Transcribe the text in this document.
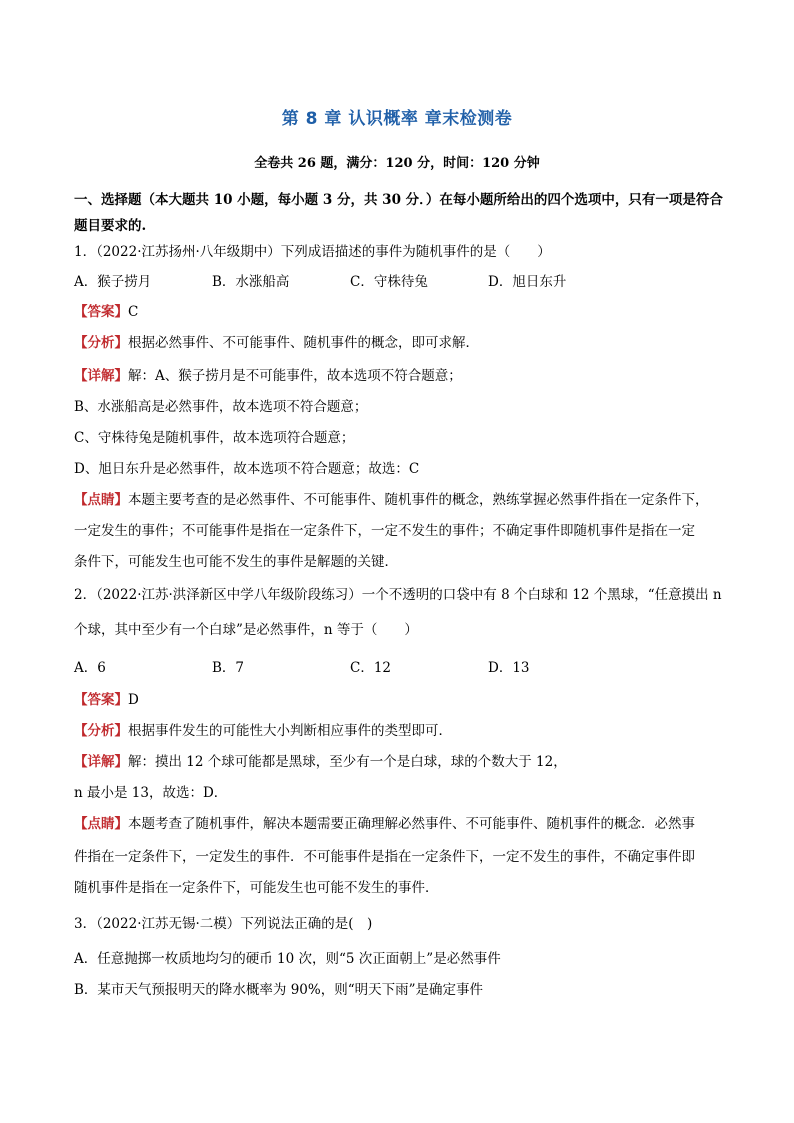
第 8 章 认识概率 章末检测卷
全卷共 26 题，满分：120 分，时间：120 分钟
一、选择题（本大题共 10 小题，每小题 3 分，共 30 分．）在每小题所给出的四个选项中，只有一项是符合
题目要求的.
1．（2022·江苏扬州·八年级期中）下列成语描述的事件为随机事件的是（　　）
A．猴子捞月	B．水涨船高	C．守株待兔	D．旭日东升
【答案】C
【分析】根据必然事件、不可能事件、随机事件的概念，即可求解．
【详解】解：A、猴子捞月是不可能事件，故本选项不符合题意；
B、水涨船高是必然事件，故本选项不符合题意；
C、守株待兔是随机事件，故本选项符合题意；
D、旭日东升是必然事件，故本选项不符合题意；故选：C
【点睛】本题主要考查的是必然事件、不可能事件、随机事件的概念，熟练掌握必然事件指在一定条件下，
一定发生的事件；不可能事件是指在一定条件下，一定不发生的事件；不确定事件即随机事件是指在一定
条件下，可能发生也可能不发生的事件是解题的关键．
2．（2022·江苏·洪泽新区中学八年级阶段练习）一个不透明的口袋中有 8 个白球和 12 个黑球，“任意摸出 n
个球，其中至少有一个白球”是必然事件，n 等于（　　）
A．6	B．7	C．12	D．13
【答案】D
【分析】根据事件发生的可能性大小判断相应事件的类型即可．
【详解】解：摸出 12 个球可能都是黑球，至少有一个是白球，球的个数大于 12，
n 最小是 13，故选：D．
【点睛】本题考查了随机事件，解决本题需要正确理解必然事件、不可能事件、随机事件的概念．必然事
件指在一定条件下，一定发生的事件．不可能事件是指在一定条件下，一定不发生的事件，不确定事件即
随机事件是指在一定条件下，可能发生也可能不发生的事件．
3．（2022·江苏无锡·二模）下列说法正确的是(　)
A．任意抛掷一枚质地均匀的硬币 10 次，则“5 次正面朝上”是必然事件
B．某市天气预报明天的降水概率为 90%，则“明天下雨”是确定事件
